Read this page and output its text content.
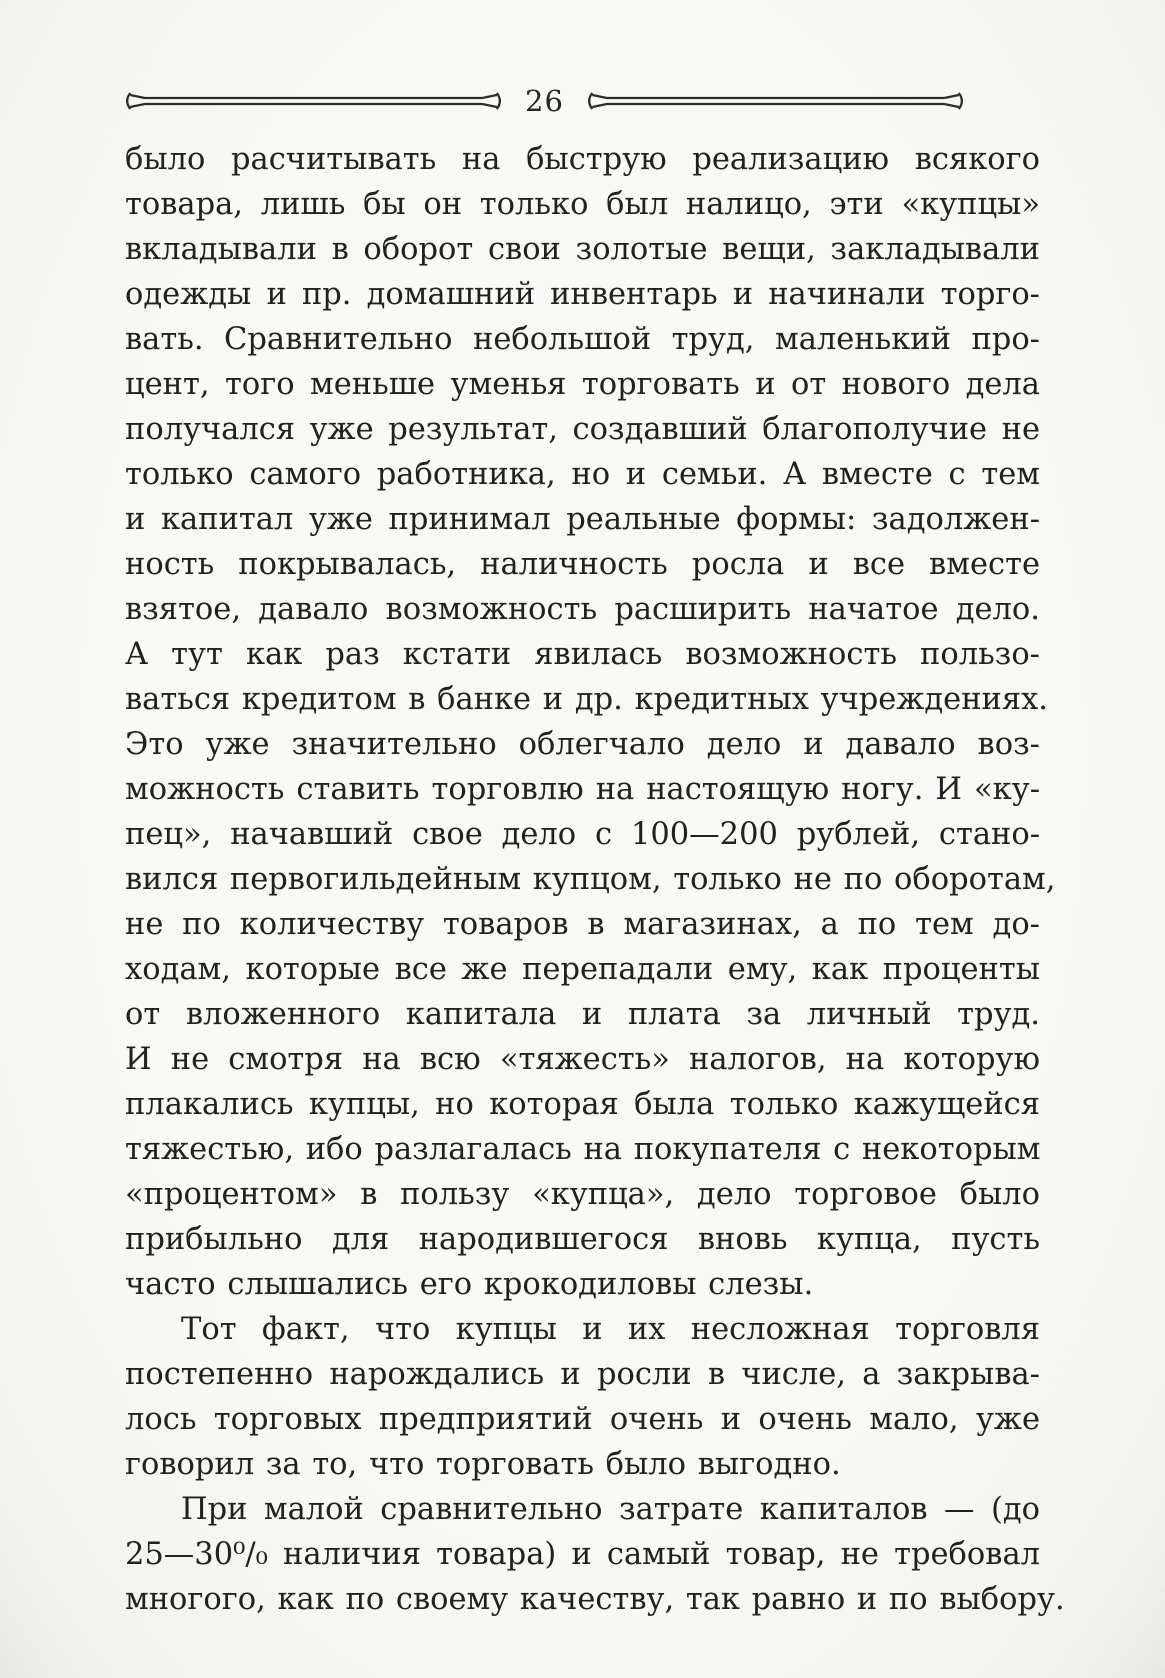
26
было расчитывать на быструю реализацию всякого
товара, лишь бы он только был налицо, эти «купцы»
вкладывали в оборот свои золотые вещи, закладывали
одежды и пр. домашний инвентарь и начинали торго-
вать. Сравнительно небольшой труд, маленький про-
цент, того меньше уменья торговать и от нового дела
получался уже результат, создавший благополучие не
только самого работника, но и семьи. А вместе с тем
и капитал уже принимал реальные формы: задолжен-
ность покрывалась, наличность росла и все вместе
взятое, давало возможность расширить начатое дело.
А тут как раз кстати явилась возможность пользо-
ваться кредитом в банке и др. кредитных учреждениях.
Это уже значительно облегчало дело и давало воз-
можность ставить торговлю на настоящую ногу. И «ку-
пец», начавший свое дело с 100—200 рублей, стано-
вился первогильдейным купцом, только не по оборотам,
не по количеству товаров в магазинах, а по тем до-
ходам, которые все же перепадали ему, как проценты
от вложенного капитала и плата за личный труд.
И не смотря на всю «тяжесть» налогов, на которую
плакались купцы, но которая была только кажущейся
тяжестью, ибо разлагалась на покупателя с некоторым
«процентом» в пользу «купца», дело торговое было
прибыльно для народившегося вновь купца, пусть
часто слышались его крокодиловы слезы.
Тот факт, что купцы и их несложная торговля
постепенно нарождались и росли в числе, а закрыва-
лось торговых предприятий очень и очень мало, уже
говорил за то, что торговать было выгодно.
При малой сравнительно затрате капиталов — (до
25—30⁰/₀ наличия товара) и самый товар, не требовал
многого, как по своему качеству, так равно и по выбору.
